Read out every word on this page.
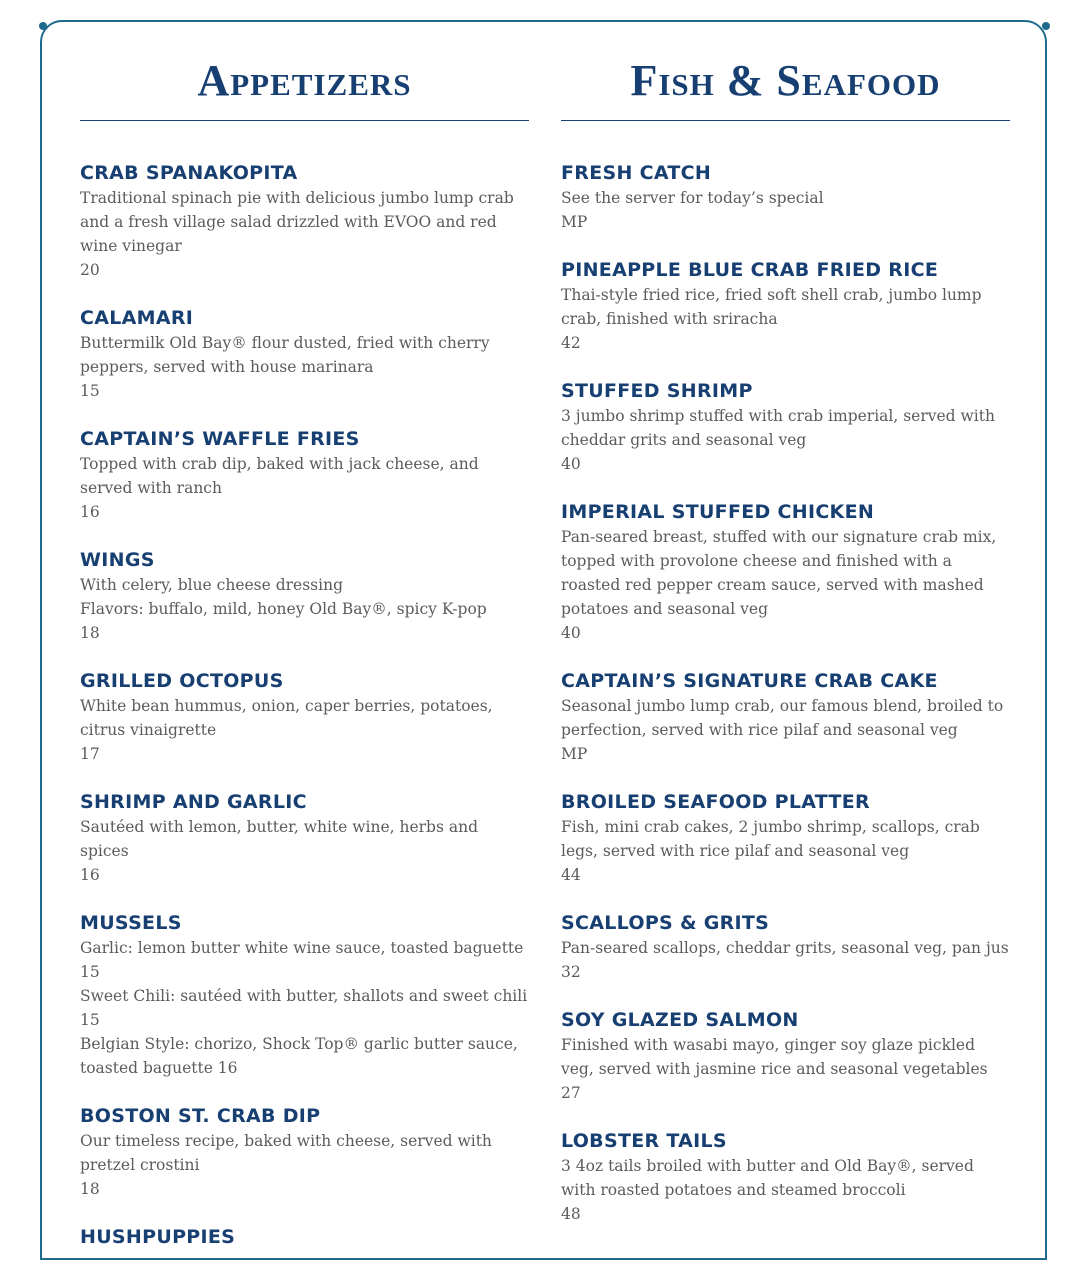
Appetizers

CRAB SPANAKOPITA

Traditional spinach pie with delicious jumbo lump crab and a fresh village salad drizzled with EVOO and red wine vinegar

20

CALAMARI

Buttermilk Old Bay® flour dusted, fried with cherry peppers, served with house marinara

15

CAPTAIN’S WAFFLE FRIES

Topped with crab dip, baked with jack cheese, and served with ranch

16

WINGS

With celery, blue cheese dressing

Flavors: buffalo, mild, honey Old Bay®, spicy K-pop

18

GRILLED OCTOPUS

White bean hummus, onion, caper berries, potatoes, citrus vinaigrette

17

SHRIMP AND GARLIC

Sautéed with lemon, butter, white wine, herbs and spices

16

MUSSELS

Garlic: lemon butter white wine sauce, toasted baguette

15

Sweet Chili: sautéed with butter, shallots and sweet chili

15

Belgian Style: chorizo, Shock Top® garlic butter sauce, toasted baguette 16

BOSTON ST. CRAB DIP

Our timeless recipe, baked with cheese, served with pretzel crostini

18

HUSHPUPPIES

Fish & Seafood

FRESH CATCH

See the server for today’s special

MP

PINEAPPLE BLUE CRAB FRIED RICE

Thai-style fried rice, fried soft shell crab, jumbo lump crab, finished with sriracha

42

STUFFED SHRIMP

3 jumbo shrimp stuffed with crab imperial, served with cheddar grits and seasonal veg

40

IMPERIAL STUFFED CHICKEN

Pan-seared breast, stuffed with our signature crab mix, topped with provolone cheese and finished with a roasted red pepper cream sauce, served with mashed potatoes and seasonal veg

40

CAPTAIN’S SIGNATURE CRAB CAKE

Seasonal jumbo lump crab, our famous blend, broiled to perfection, served with rice pilaf and seasonal veg

MP

BROILED SEAFOOD PLATTER

Fish, mini crab cakes, 2 jumbo shrimp, scallops, crab legs, served with rice pilaf and seasonal veg

44

SCALLOPS & GRITS

Pan-seared scallops, cheddar grits, seasonal veg, pan jus

32

SOY GLAZED SALMON

Finished with wasabi mayo, ginger soy glaze pickled veg, served with jasmine rice and seasonal vegetables

27

LOBSTER TAILS

3 4oz tails broiled with butter and Old Bay®, served with roasted potatoes and steamed broccoli

48
